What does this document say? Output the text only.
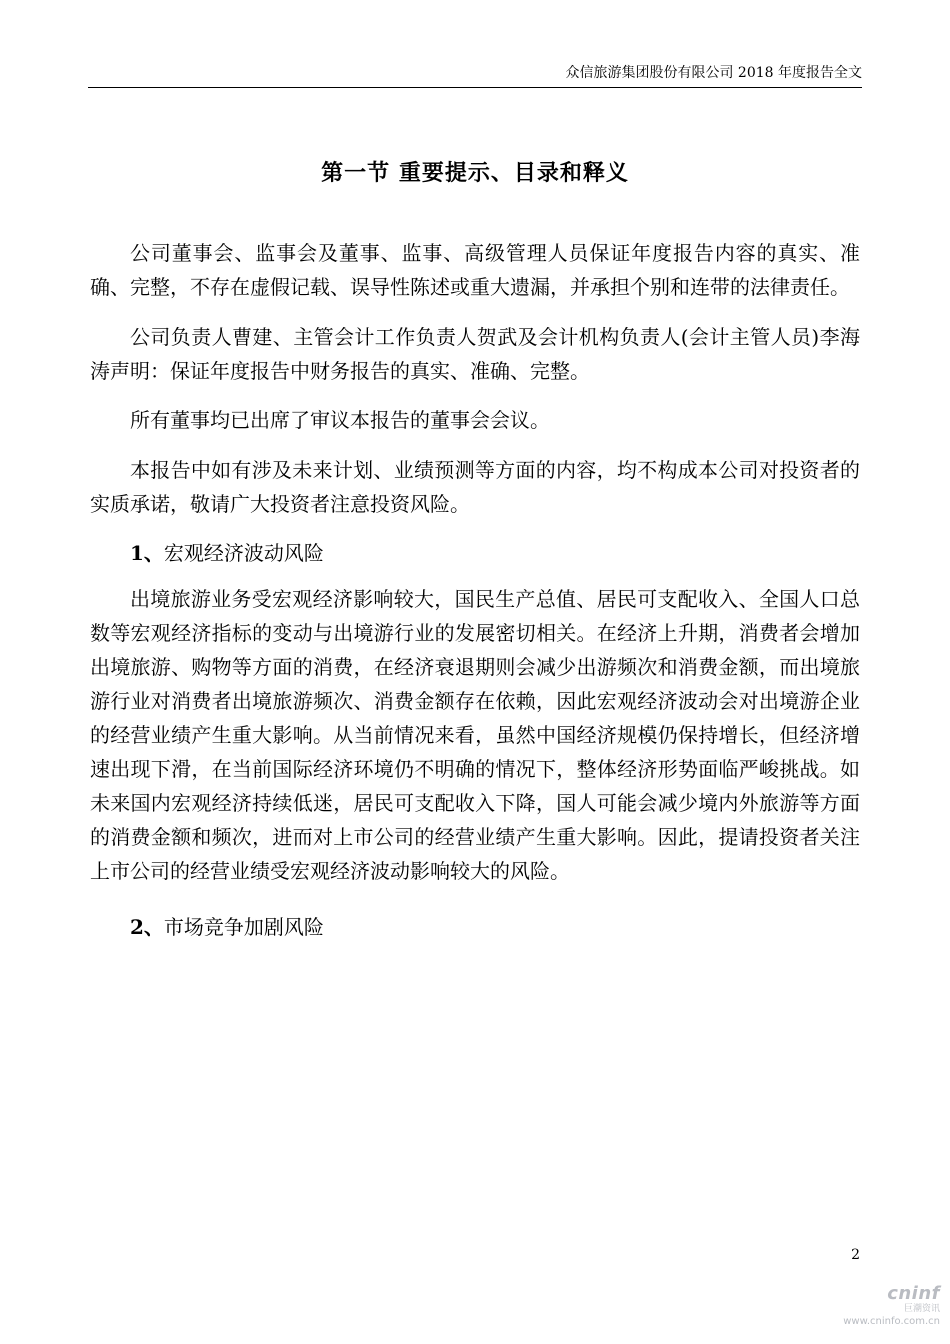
众信旅游集团股份有限公司 2018 年度报告全文
第一节 重要提示、目录和释义

公司董事会、监事会及董事、监事、高级管理人员保证年度报告内容的真实、准确、完整，不存在虚假记载、误导性陈述或重大遗漏，并承担个别和连带的法律责任。

公司负责人曹建、主管会计工作负责人贺武及会计机构负责人(会计主管人员)李海涛声明：保证年度报告中财务报告的真实、准确、完整。

所有董事均已出席了审议本报告的董事会会议。

本报告中如有涉及未来计划、业绩预测等方面的内容，均不构成本公司对投资者的实质承诺，敬请广大投资者注意投资风险。

1、宏观经济波动风险

出境旅游业务受宏观经济影响较大，国民生产总值、居民可支配收入、全国人口总数等宏观经济指标的变动与出境游行业的发展密切相关。在经济上升期，消费者会增加出境旅游、购物等方面的消费，在经济衰退期则会减少出游频次和消费金额，而出境旅游行业对消费者出境旅游频次、消费金额存在依赖，因此宏观经济波动会对出境游企业的经营业绩产生重大影响。从当前情况来看，虽然中国经济规模仍保持增长，但经济增速出现下滑，在当前国际经济环境仍不明确的情况下，整体经济形势面临严峻挑战。如未来国内宏观经济持续低迷，居民可支配收入下降，国人可能会减少境内外旅游等方面的消费金额和频次，进而对上市公司的经营业绩产生重大影响。因此，提请投资者关注上市公司的经营业绩受宏观经济波动影响较大的风险。

2、市场竞争加剧风险
2
cninf
巨潮资讯
www.cninfo.com.cn
